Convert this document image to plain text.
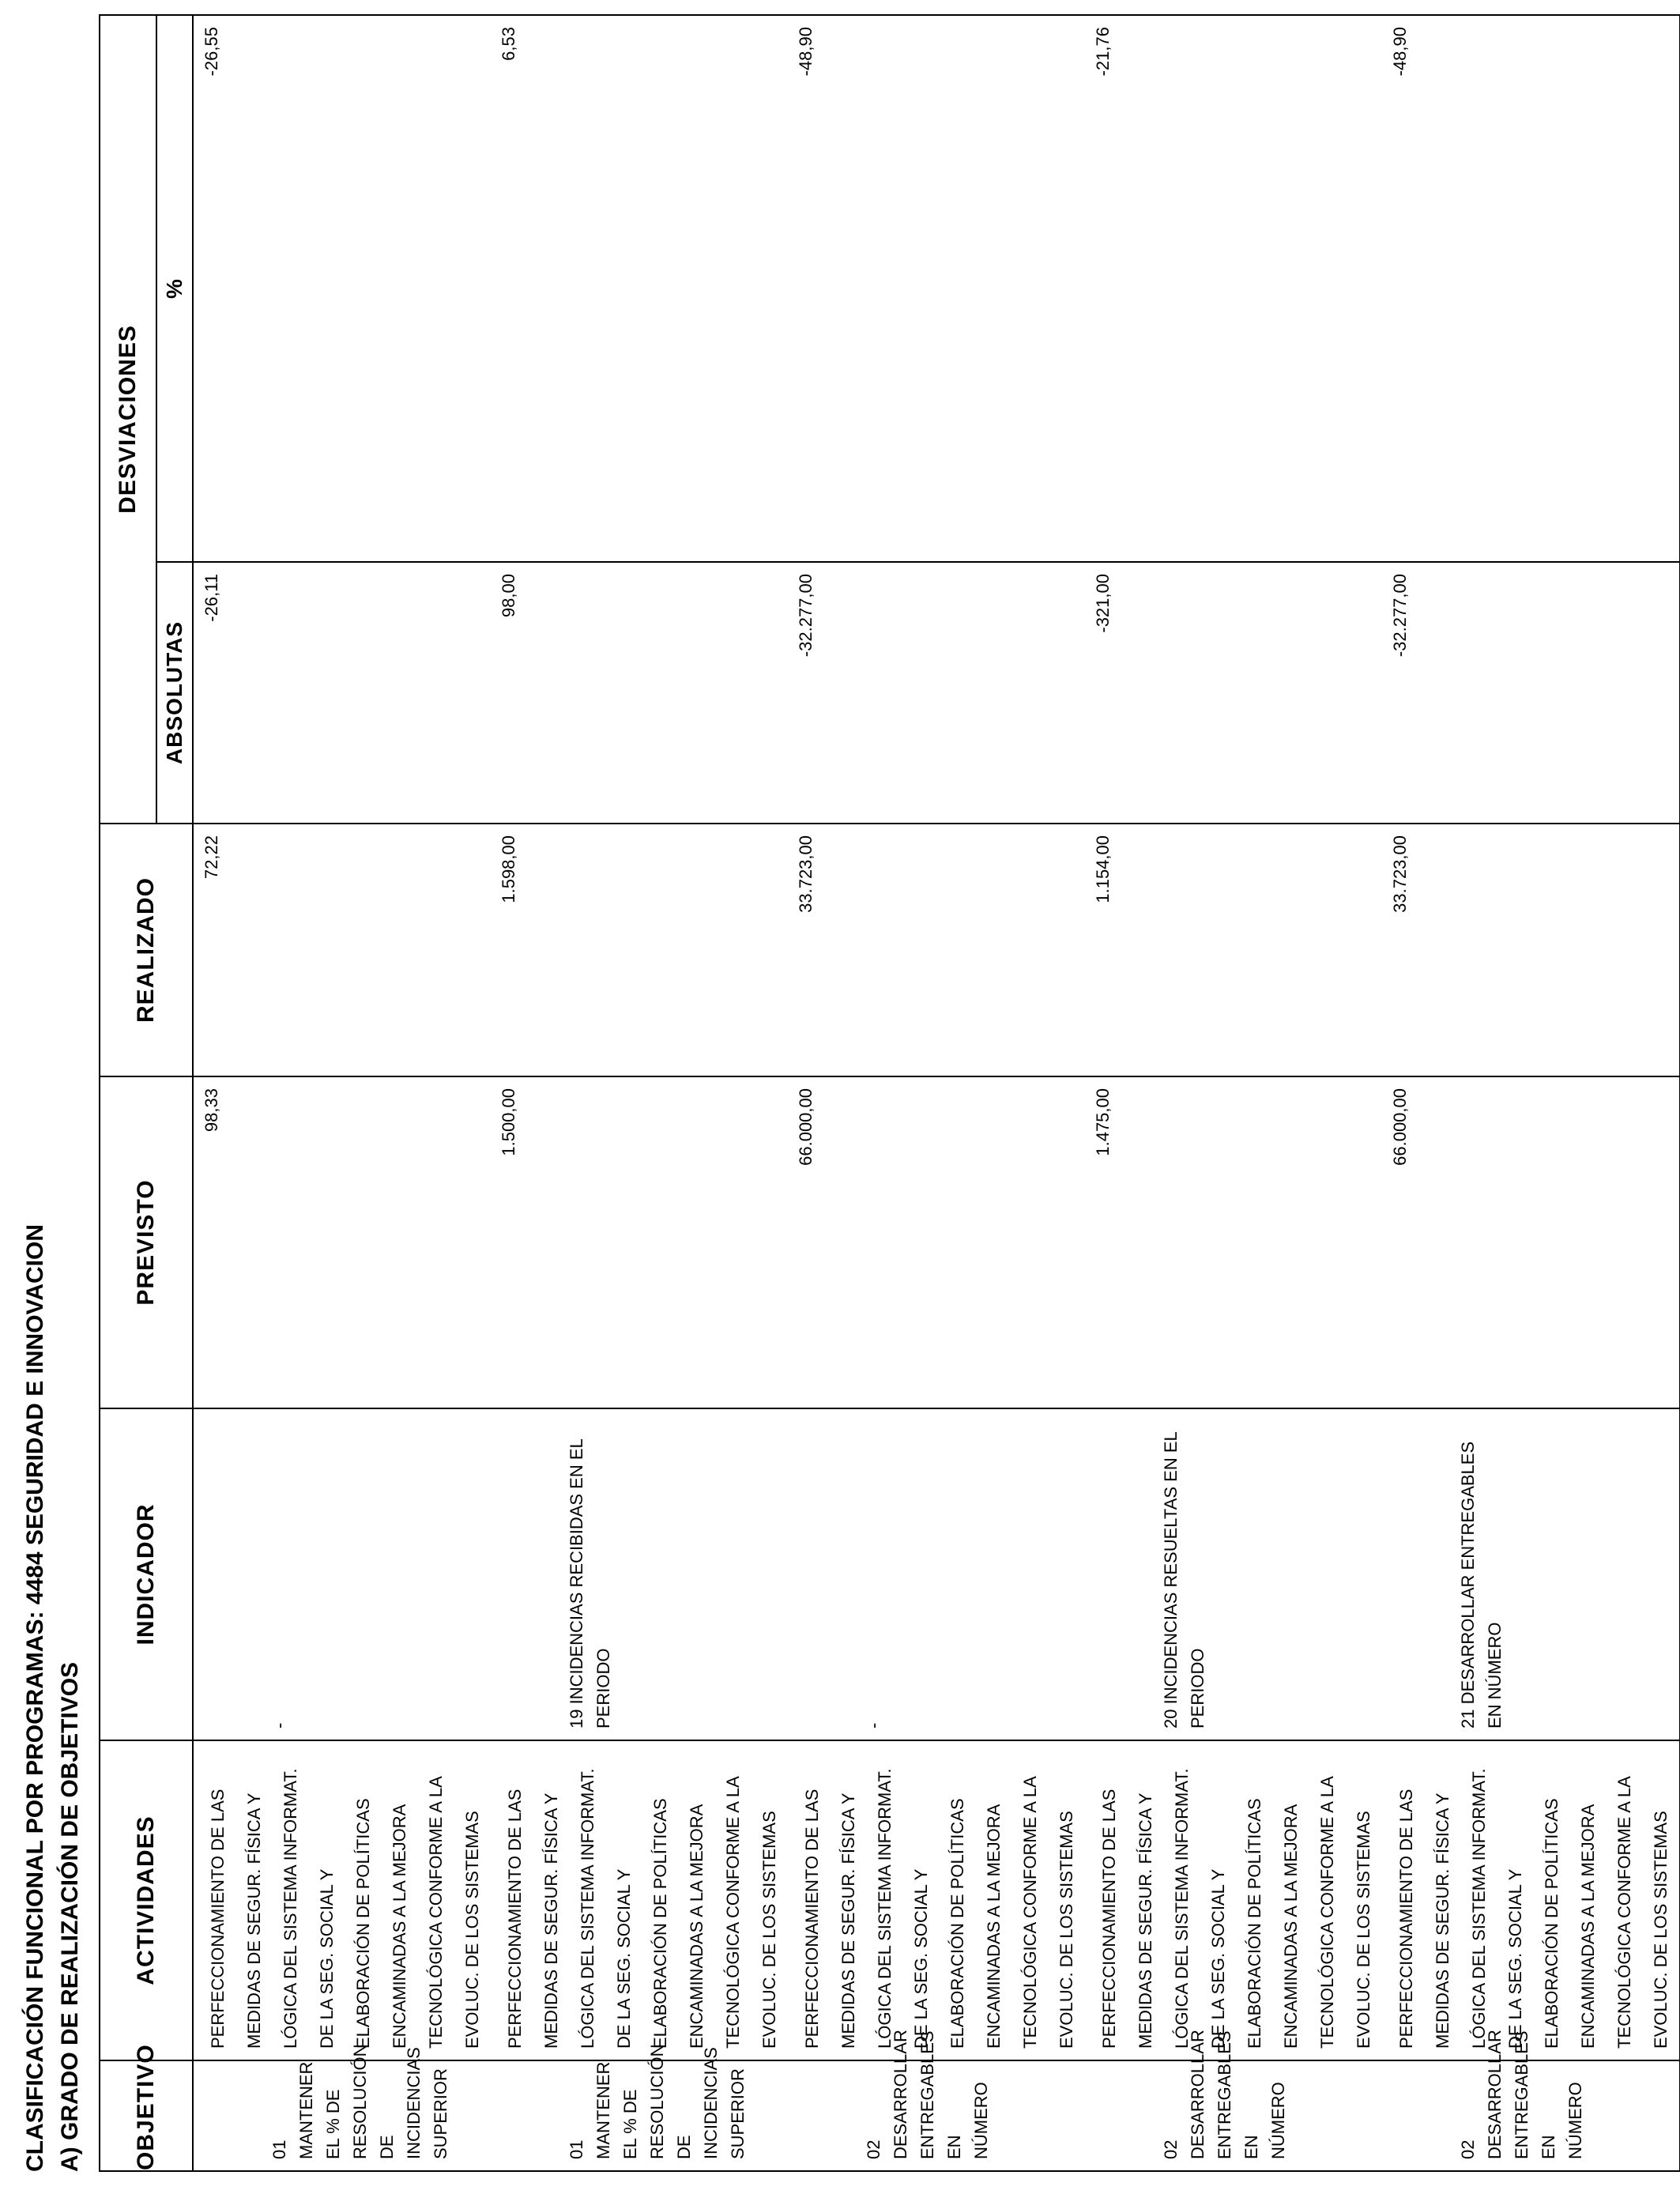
CLASIFICACIÓN FUNCIONAL POR PROGRAMAS: 4484 SEGURIDAD E INNOVACION A) GRADO DE REALIZACIÓN DE OBJETIVOS OBJETIVO	ACTIVIDADES	INDICADOR	PREVISTO	REALIZADO	DESVIACIONES	
					ABSOLUTAS	%

01 MANTENER EL % DE RESOLUCIÓN DE INCIDENCIAS SUPERIOR	PERFECCIONAMIENTO DE LAS MEDIDAS DE SEGUR. FÍSICA Y LÓGICA DEL SISTEMA INFORMAT. DE LA SEG. SOCIAL Y ELABORACIÓN DE POLÍTICAS ENCAMINADAS A LA MEJORA TECNOLÓGICA CONFORME A LA EVOLUC. DE LOS SISTEMAS	-	98,33	72,22	-26,11	-26,55

01 MANTENER EL % DE RESOLUCIÓN DE INCIDENCIAS SUPERIOR	PERFECCIONAMIENTO DE LAS MEDIDAS DE SEGUR. FÍSICA Y LÓGICA DEL SISTEMA INFORMAT. DE LA SEG. SOCIAL Y ELABORACIÓN DE POLÍTICAS ENCAMINADAS A LA MEJORA TECNOLÓGICA CONFORME A LA EVOLUC. DE LOS SISTEMAS	19 INCIDENCIAS RECIBIDAS EN EL PERIODO	1.500,00	1.598,00	98,00	6,53

02 DESARROLLAR ENTREGABLES EN NÚMERO	PERFECCIONAMIENTO DE LAS MEDIDAS DE SEGUR. FÍSICA Y LÓGICA DEL SISTEMA INFORMAT. DE LA SEG. SOCIAL Y ELABORACIÓN DE POLÍTICAS ENCAMINADAS A LA MEJORA TECNOLÓGICA CONFORME A LA EVOLUC. DE LOS SISTEMAS	-	66.000,00	33.723,00	-32.277,00	-48,90

02 DESARROLLAR ENTREGABLES EN NÚMERO	PERFECCIONAMIENTO DE LAS MEDIDAS DE SEGUR. FÍSICA Y LÓGICA DEL SISTEMA INFORMAT. DE LA SEG. SOCIAL Y ELABORACIÓN DE POLÍTICAS ENCAMINADAS A LA MEJORA TECNOLÓGICA CONFORME A LA EVOLUC. DE LOS SISTEMAS	20 INCIDENCIAS RESUELTAS EN EL PERIODO	1.475,00	1.154,00	-321,00	-21,76

02 DESARROLLAR ENTREGABLES EN NÚMERO	PERFECCIONAMIENTO DE LAS MEDIDAS DE SEGUR. FÍSICA Y LÓGICA DEL SISTEMA INFORMAT. DE LA SEG. SOCIAL Y ELABORACIÓN DE POLÍTICAS ENCAMINADAS A LA MEJORA TECNOLÓGICA CONFORME A LA EVOLUC. DE LOS SISTEMAS	21 DESARROLLAR ENTREGABLES EN NÚMERO	66.000,00	33.723,00	-32.277,00	-48,90
